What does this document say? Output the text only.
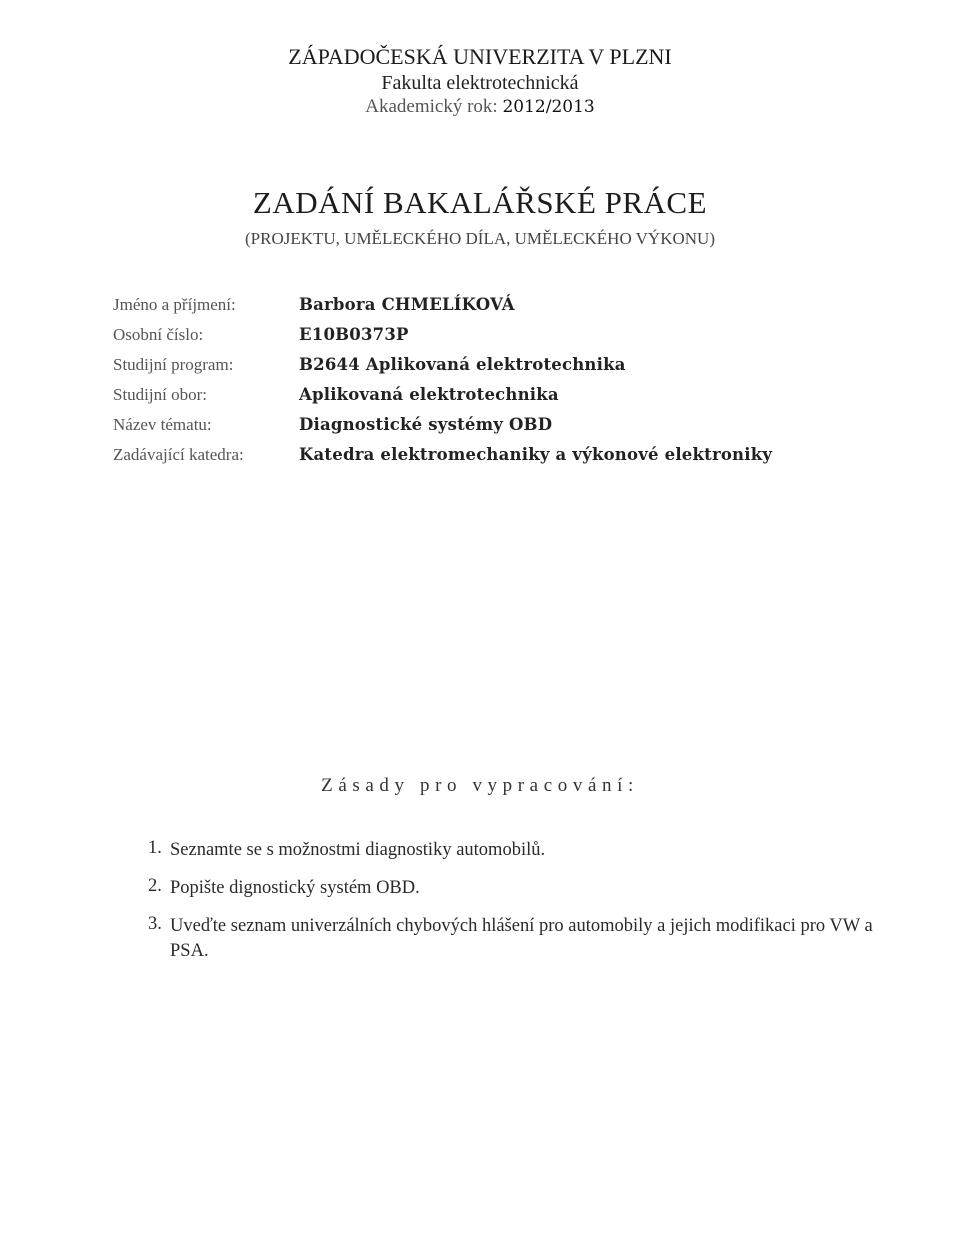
ZÁPADOČESKÁ UNIVERZITA V PLZNI
Fakulta elektrotechnická
Akademický rok: 2012/2013
ZADÁNÍ BAKALÁŘSKÉ PRÁCE
(PROJEKTU, UMĚLECKÉHO DÍLA, UMĚLECKÉHO VÝKONU)
Jméno a příjmení:	Barbora CHMELÍKOVÁ
Osobní číslo:	E10B0373P
Studijní program:	B2644 Aplikovaná elektrotechnika
Studijní obor:	Aplikovaná elektrotechnika
Název tématu:	Diagnostické systémy OBD
Zadávající katedra:	Katedra elektromechaniky a výkonové elektroniky
Zásady pro vypracování:
1. Seznamte se s možnostmi diagnostiky automobilů.
2. Popište dignostický systém OBD.
3. Uveďte seznam univerzálních chybových hlášení pro automobily a jejich modifikaci pro VW a PSA.
